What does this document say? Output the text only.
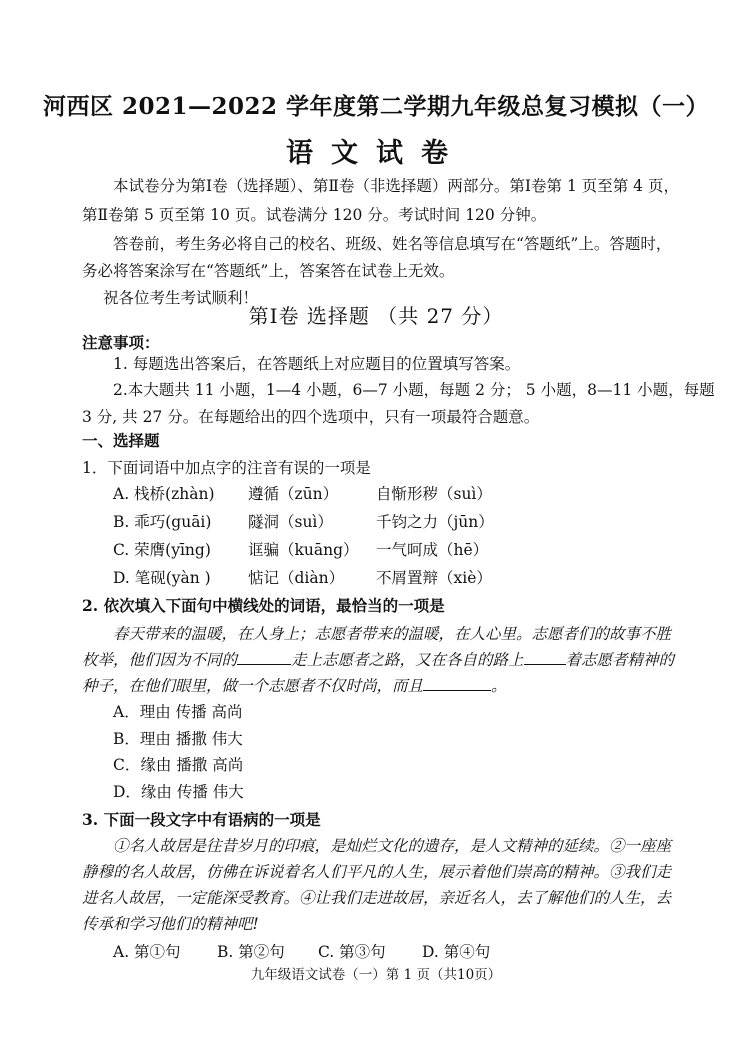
河西区 2021—2022 学年度第二学期九年级总复习模拟（一）
语文试卷
本试卷分为第Ⅰ卷（选择题）、第Ⅱ卷（非选择题）两部分。第Ⅰ卷第 1 页至第 4 页，
第Ⅱ卷第 5 页至第 10 页。试卷满分 120 分。考试时间 120 分钟。
答卷前，考生务必将自己的校名、班级、姓名等信息填写在“答题纸”上。答题时，
务必将答案涂写在“答题纸”上，答案答在试卷上无效。
祝各位考生考试顺利！
第Ⅰ卷 选择题 （共 27 分）
注意事项：
1. 每题选出答案后，在答题纸上对应题目的位置填写答案。
2.本大题共 11 小题，1—4 小题，6—7 小题，每题 2 分； 5 小题，8—11 小题，每题
3 分, 共 27 分。在每题给出的四个选项中，只有一项最符合题意。
一、选择题
1．下面词语中加点字的注音有误的一项是
A. 栈桥(zhàn) 遵循（zūn） 自惭形秽（suì）
B. 乖巧(guāi) 隧洞（suì）	千钧之力（jūn）
C. 荣膺(yīng) 诓骗（kuāng） 一气呵成（hē）
D. 笔砚(yàn ) 惦记（diàn） 不屑置辩（xiè）
2. 依次填入下面句中横线处的词语，最恰当的一项是
春天带来的温暖，在人身上；志愿者带来的温暖，在人心里。志愿者们的故事不胜
枚举，他们因为不同的	走上志愿者之路，又在各自的路上	着志愿者精神的
种子，在他们眼里，做一个志愿者不仅时尚，而且	。
A．理由 传播 高尚
B．理由 播撒 伟大
C．缘由 播撒 高尚
D．缘由 传播 伟大
3. 下面一段文字中有语病的一项是
①名人故居是往昔岁月的印痕，是灿烂文化的遗存，是人文精神的延续。②一座座
静穆的名人故居，仿佛在诉说着名人们平凡的人生，展示着他们崇高的精神。③我们走
进名人故居，一定能深受教育。④让我们走进故居，亲近名人，去了解他们的人生，去
传承和学习他们的精神吧!
A. 第①句 B. 第②句 C. 第③句 D. 第④句
九年级语文试卷（一）第 1 页（共10页）
